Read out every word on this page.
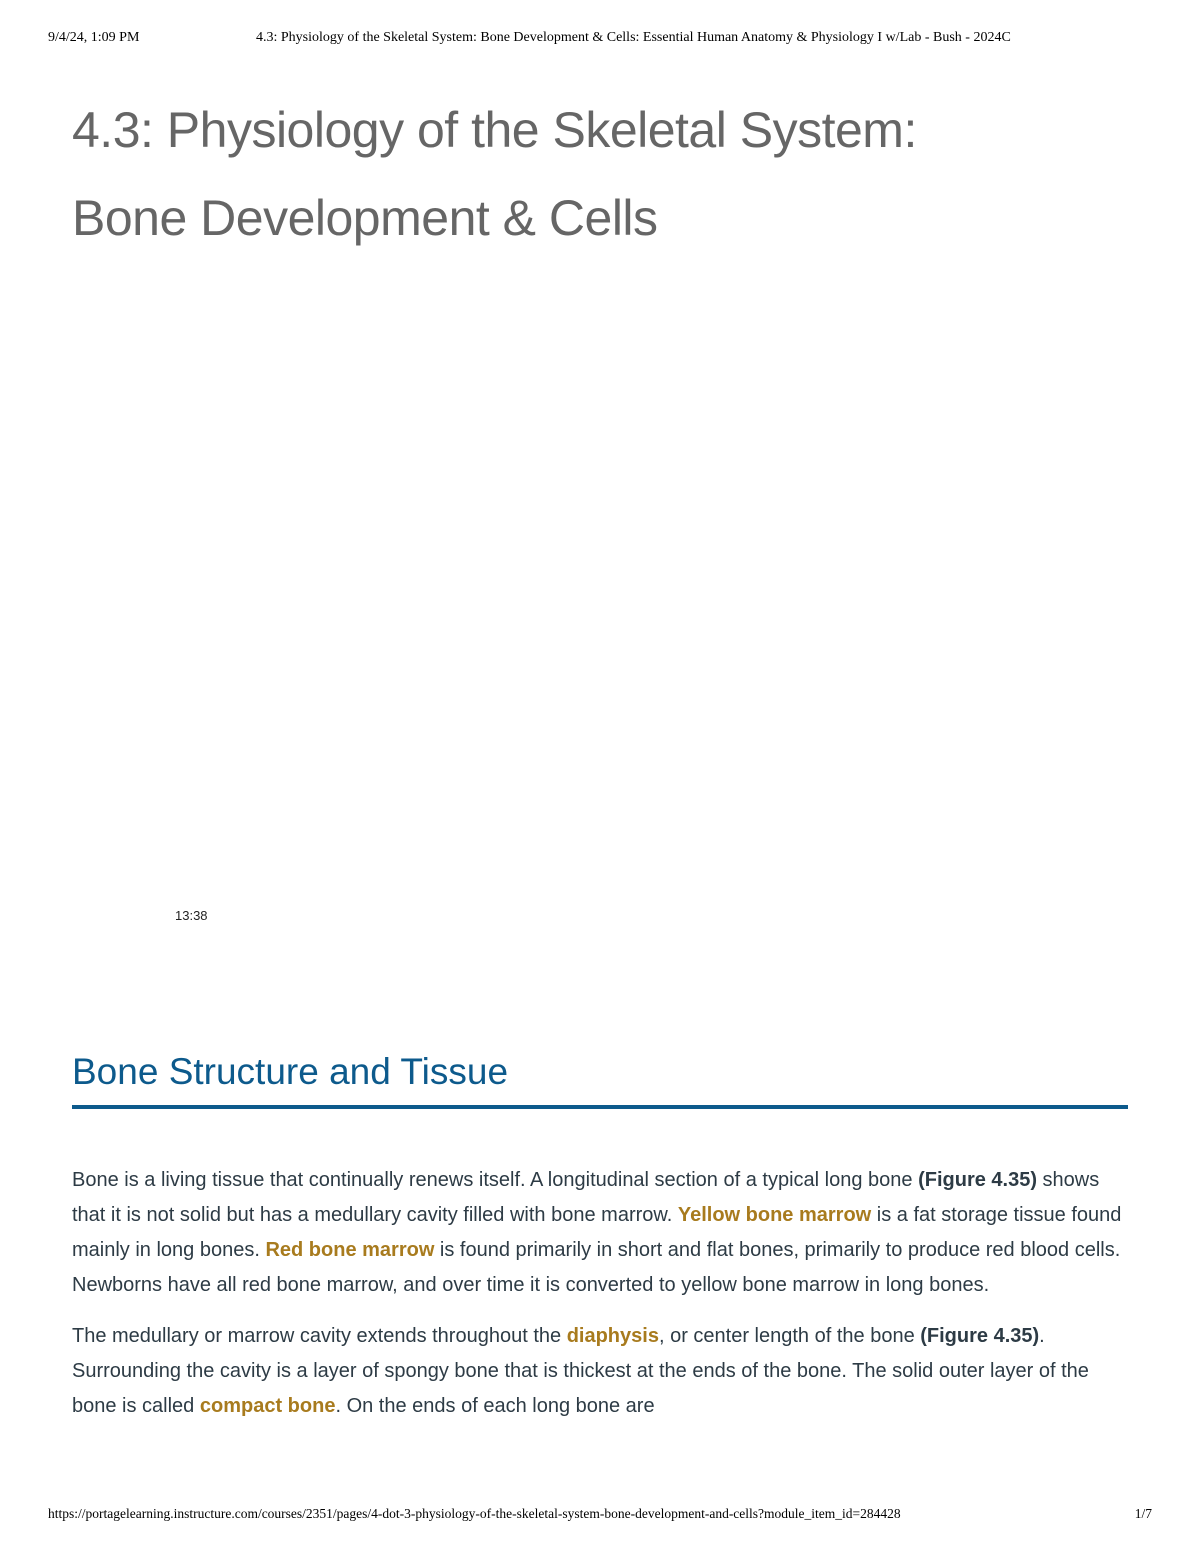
9/4/24, 1:09 PM	4.3: Physiology of the Skeletal System: Bone Development & Cells: Essential Human Anatomy & Physiology I w/Lab - Bush - 2024C
4.3: Physiology of the Skeletal System:
Bone Development & Cells
13:38
Bone Structure and Tissue

Bone is a living tissue that continually renews itself. A longitudinal section of a typical long bone (Figure 4.35) shows that it is not solid but has a medullary cavity filled with bone marrow. Yellow bone marrow is a fat storage tissue found mainly in long bones. Red bone marrow is found primarily in short and flat bones, primarily to produce red blood cells. Newborns have all red bone marrow, and over time it is converted to yellow bone marrow in long bones.

The medullary or marrow cavity extends throughout the diaphysis, or center length of the bone (Figure 4.35). Surrounding the cavity is a layer of spongy bone that is thickest at the ends of the bone. The solid outer layer of the bone is called compact bone. On the ends of each long bone are

https://portagelearning.instructure.com/courses/2351/pages/4-dot-3-physiology-of-the-skeletal-system-bone-development-and-cells?module_item_id=284428	1/7
